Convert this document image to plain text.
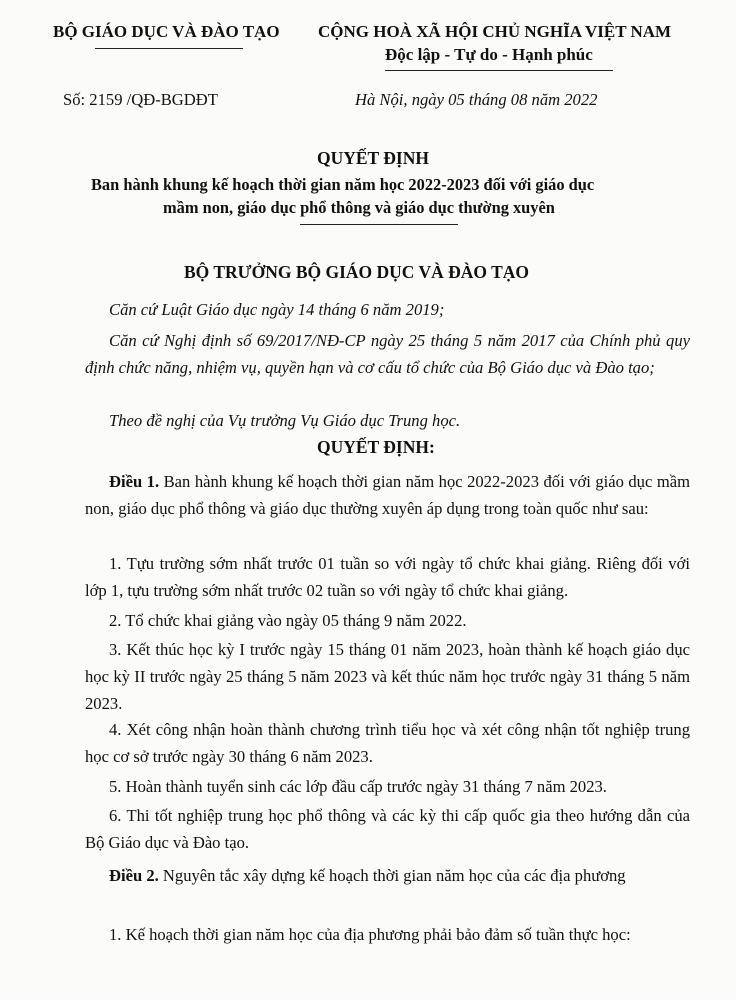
BỘ GIÁO DỤC VÀ ĐÀO TẠO CỘNG HOÀ XÃ HỘI CHỦ NGHĨA VIỆT NAM
Độc lập - Tự do - Hạnh phúc
Số: 2159 /QĐ-BGDĐT	Hà Nội, ngày 05 tháng 08 năm 2022
QUYẾT ĐỊNH
Ban hành khung kế hoạch thời gian năm học 2022-2023 đối với giáo dục
mầm non, giáo dục phổ thông và giáo dục thường xuyên
BỘ TRƯỞNG BỘ GIÁO DỤC VÀ ĐÀO TẠO
Căn cứ Luật Giáo dục ngày 14 tháng 6 năm 2019;
Căn cứ Nghị định số 69/2017/NĐ-CP ngày 25 tháng 5 năm 2017 của Chính phủ quy định chức năng, nhiệm vụ, quyền hạn và cơ cấu tổ chức của Bộ Giáo dục và Đào tạo;
Theo đề nghị của Vụ trưởng Vụ Giáo dục Trung học.
QUYẾT ĐỊNH:
Điều 1. Ban hành khung kế hoạch thời gian năm học 2022-2023 đối với giáo dục mầm non, giáo dục phổ thông và giáo dục thường xuyên áp dụng trong toàn quốc như sau:
1. Tựu trường sớm nhất trước 01 tuần so với ngày tổ chức khai giảng. Riêng đối với lớp 1, tựu trường sớm nhất trước 02 tuần so với ngày tổ chức khai giảng.
2. Tổ chức khai giảng vào ngày 05 tháng 9 năm 2022.
3. Kết thúc học kỳ I trước ngày 15 tháng 01 năm 2023, hoàn thành kế hoạch giáo dục học kỳ II trước ngày 25 tháng 5 năm 2023 và kết thúc năm học trước ngày 31 tháng 5 năm 2023.
4. Xét công nhận hoàn thành chương trình tiểu học và xét công nhận tốt nghiệp trung học cơ sở trước ngày 30 tháng 6 năm 2023.
5. Hoàn thành tuyển sinh các lớp đầu cấp trước ngày 31 tháng 7 năm 2023.
6. Thi tốt nghiệp trung học phổ thông và các kỳ thi cấp quốc gia theo hướng dẫn của Bộ Giáo dục và Đào tạo.
Điều 2. Nguyên tắc xây dựng kế hoạch thời gian năm học của các địa phương
1. Kế hoạch thời gian năm học của địa phương phải bảo đảm số tuần thực học:
